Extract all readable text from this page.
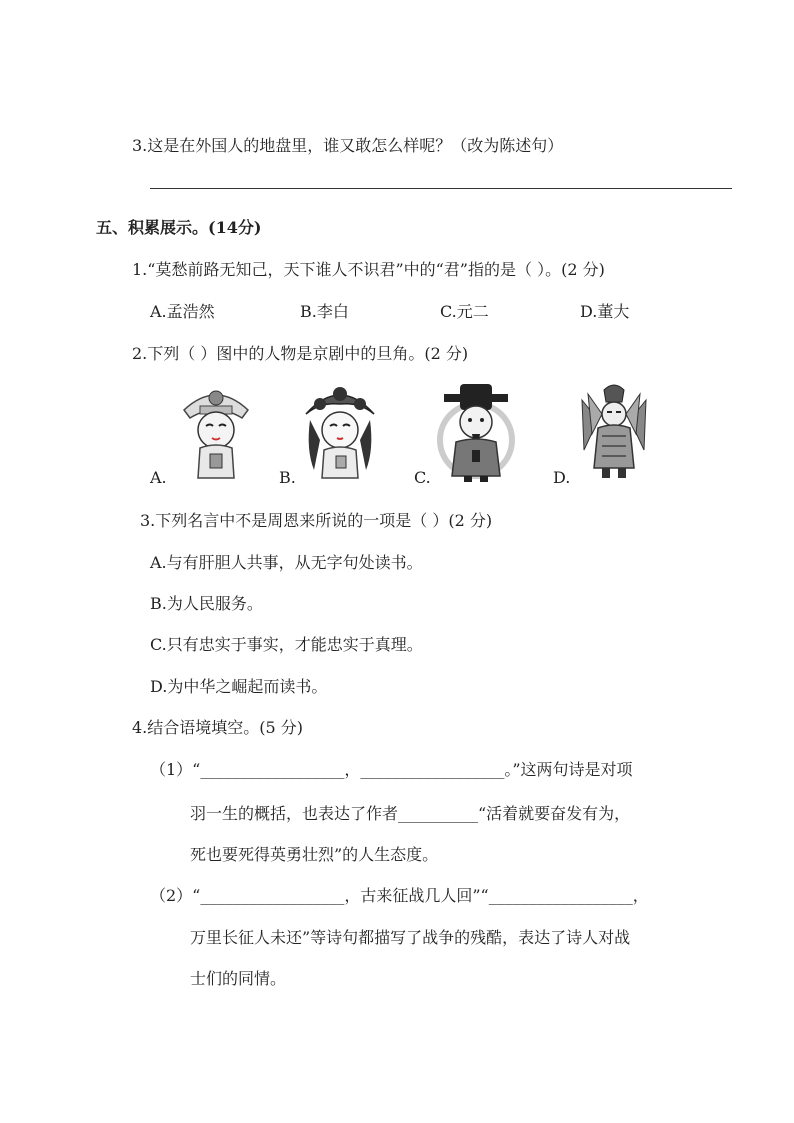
3.这是在外国人的地盘里，谁又敢怎么样呢？（改为陈述句）
五、积累展示。(14分)
1.“莫愁前路无知己，天下谁人不识君”中的“君”指的是（ ）。(2 分)
A.孟浩然	B.李白	C.元二	D.董大
2.下列（ ）图中的人物是京剧中的旦角。(2 分)
A.	B.	C.	D.
3.下列名言中不是周恩来所说的一项是（ ）(2 分)
A.与有肝胆人共事，从无字句处读书。
B.为人民服务。
C.只有忠实于事实，才能忠实于真理。
D.为中华之崛起而读书。
4.结合语境填空。(5 分)
（1）“__________________，__________________。”这两句诗是对项
羽一生的概括，也表达了作者__________“活着就要奋发有为，
死也要死得英勇壮烈”的人生态度。
（2）“__________________，古来征战几人回”“__________________，
万里长征人未还”等诗句都描写了战争的残酷，表达了诗人对战
士们的同情。
